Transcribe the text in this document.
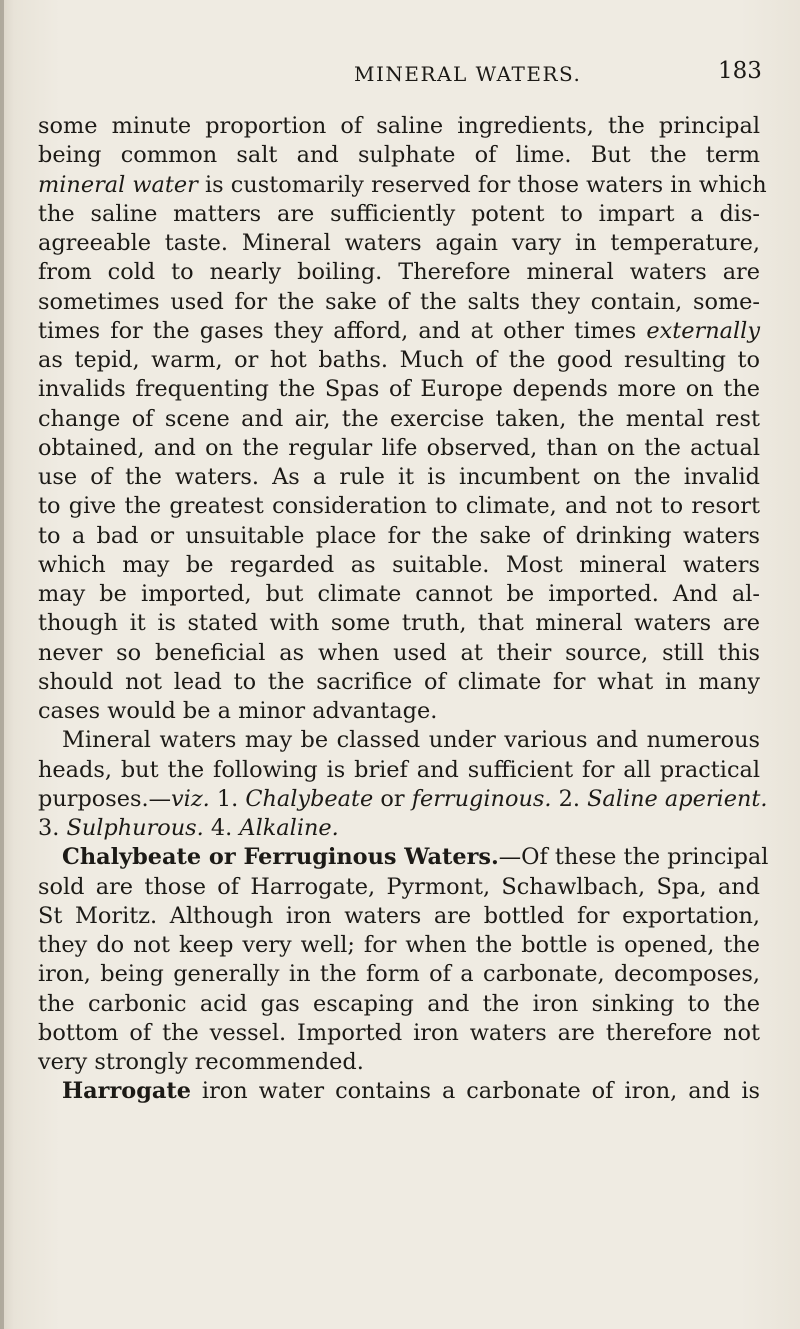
MINERAL WATERS.	183
some minute proportion of saline ingredients, the principal
being common salt and sulphate of lime. But the term
mineral water is customarily reserved for those waters in which
the saline matters are sufficiently potent to impart a dis-
agreeable taste. Mineral waters again vary in temperature,
from cold to nearly boiling. Therefore mineral waters are
sometimes used for the sake of the salts they contain, some-
times for the gases they afford, and at other times externally
as tepid, warm, or hot baths. Much of the good resulting to
invalids frequenting the Spas of Europe depends more on the
change of scene and air, the exercise taken, the mental rest
obtained, and on the regular life observed, than on the actual
use of the waters. As a rule it is incumbent on the invalid
to give the greatest consideration to climate, and not to resort
to a bad or unsuitable place for the sake of drinking waters
which may be regarded as suitable. Most mineral waters
may be imported, but climate cannot be imported. And al-
though it is stated with some truth, that mineral waters are
never so beneficial as when used at their source, still this
should not lead to the sacrifice of climate for what in many
cases would be a minor advantage.
Mineral waters may be classed under various and numerous
heads, but the following is brief and sufficient for all practical
purposes.—viz. 1. Chalybeate or ferruginous. 2. Saline aperient.
3. Sulphurous. 4. Alkaline.
Chalybeate or Ferruginous Waters.—Of these the principal
sold are those of Harrogate, Pyrmont, Schawlbach, Spa, and
St Moritz. Although iron waters are bottled for exportation,
they do not keep very well; for when the bottle is opened, the
iron, being generally in the form of a carbonate, decomposes,
the carbonic acid gas escaping and the iron sinking to the
bottom of the vessel. Imported iron waters are therefore not
very strongly recommended.
Harrogate iron water contains a carbonate of iron, and is
